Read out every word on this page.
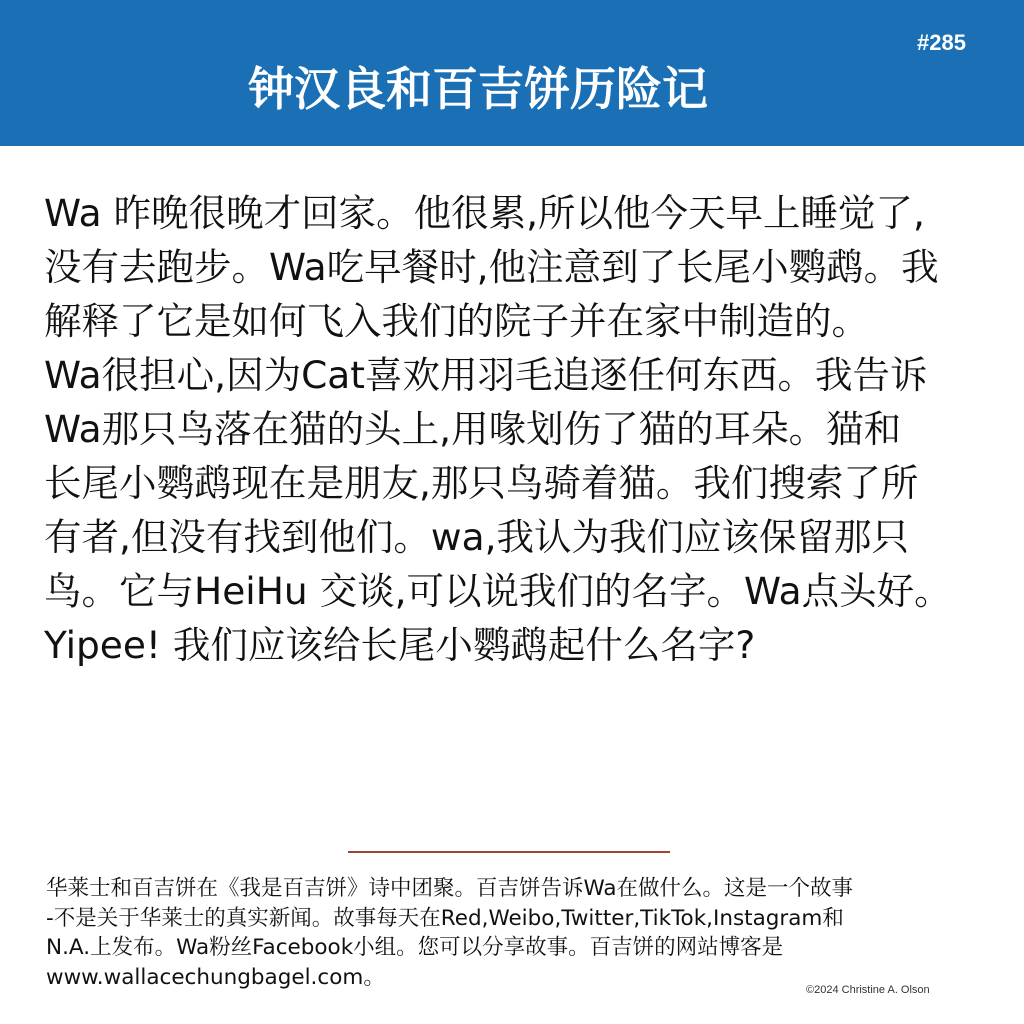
#285
钟汉良和百吉饼历险记
Wa 昨晚很晚才回家。他很累,所以他今天早上睡觉了,
没有去跑步。Wa吃早餐时,他注意到了长尾小鹦鹉。我
解释了它是如何飞入我们的院子并在家中制造的。
Wa很担心,因为Cat喜欢用羽毛追逐任何东西。我告诉
Wa那只鸟落在猫的头上,用喙划伤了猫的耳朵。猫和
长尾小鹦鹉现在是朋友,那只鸟骑着猫。我们搜索了所
有者,但没有找到他们。wa,我认为我们应该保留那只
鸟。它与HeiHu 交谈,可以说我们的名字。Wa点头好。
Yipee! 我们应该给长尾小鹦鹉起什么名字?
华莱士和百吉饼在《我是百吉饼》诗中团聚。百吉饼告诉Wa在做什么。这是一个故事
-不是关于华莱士的真实新闻。故事每天在Red,Weibo,Twitter,TikTok,Instagram和
N.A.上发布。Wa粉丝Facebook小组。您可以分享故事。百吉饼的网站博客是
www.wallacechungbagel.com。
©2024 Christine A. Olson
